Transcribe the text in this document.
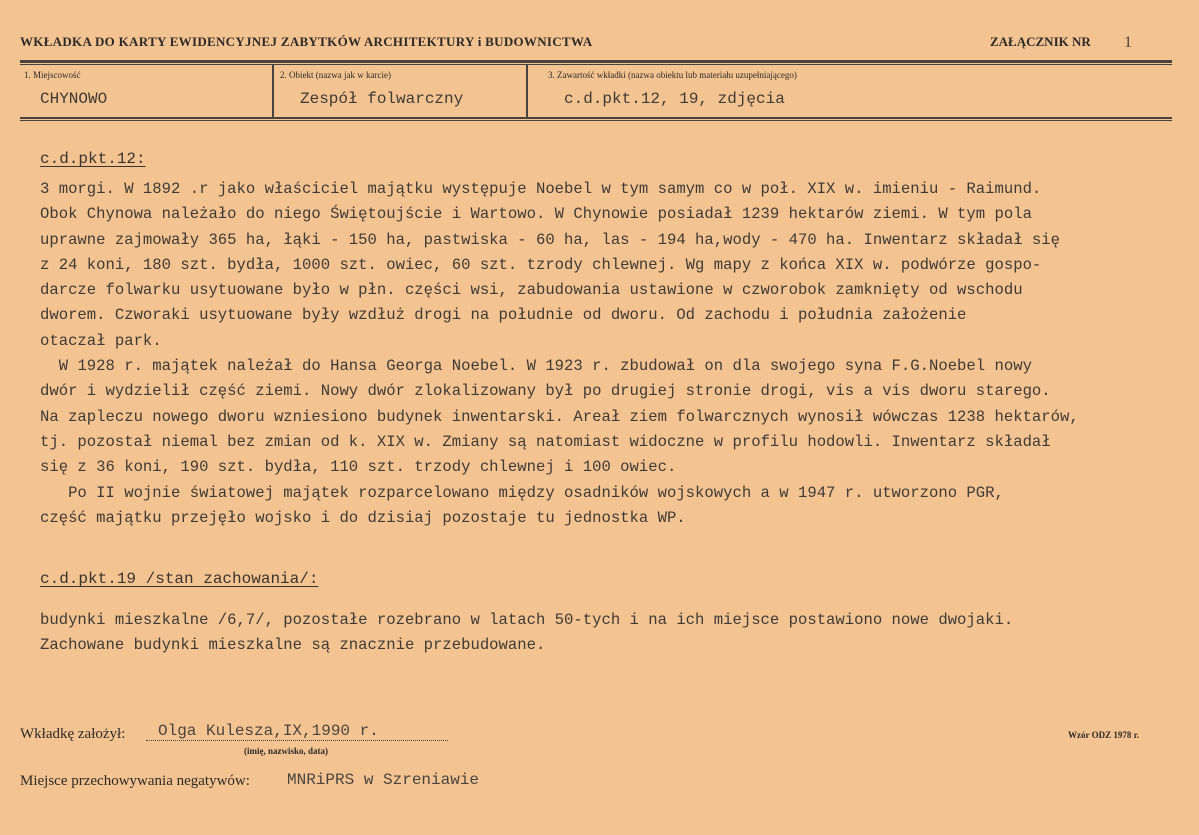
WKŁADKA DO KARTY EWIDENCYJNEJ ZABYTKÓW ARCHITEKTURY i BUDOWNICTWA	ZAŁĄCZNIK NR 1
1. Miejscowość
CHYNOWO
2. Obiekt (nazwa jak w karcie)
Zespół folwarczny
3. Zawartość wkładki (nazwa obiektu lub materiału uzupełniającego)
c.d.pkt.12, 19, zdjęcia
c.d.pkt.12:

3 morgi. W 1892 .r jako właściciel majątku występuje Noebel w tym samym co w poł. XIX w. imieniu - Raimund.

Obok Chynowa należało do niego Świętoujście i Wartowo. W Chynowie posiadał 1239 hektarów ziemi. W tym pola

uprawne zajmowały 365 ha, łąki - 150 ha, pastwiska - 60 ha, las - 194 ha,wody - 470 ha. Inwentarz składał się

z 24 koni, 180 szt. bydła, 1000 szt. owiec, 60 szt. tzrody chlewnej. Wg mapy z końca XIX w. podwórze gospo-

darcze folwarku usytuowane było w płn. części wsi, zabudowania ustawione w czworobok zamknięty od wschodu

dworem. Czworaki usytuowane były wzdłuż drogi na południe od dworu. Od zachodu i południa założenie

otaczał park.

W 1928 r. majątek należał do Hansa Georga Noebel. W 1923 r. zbudował on dla swojego syna F.G.Noebel nowy

dwór i wydzielił część ziemi. Nowy dwór zlokalizowany był po drugiej stronie drogi, vis a vis dworu starego.

Na zapleczu nowego dworu wzniesiono budynek inwentarski. Areał ziem folwarcznych wynosił wówczas 1238 hektarów,

tj. pozostał niemal bez zmian od k. XIX w. Zmiany są natomiast widoczne w profilu hodowli. Inwentarz składał

się z 36 koni, 190 szt. bydła, 110 szt. trzody chlewnej i 100 owiec.

Po II wojnie światowej majątek rozparcelowano między osadników wojskowych a w 1947 r. utworzono PGR,

część majątku przejęło wojsko i do dzisiaj pozostaje tu jednostka WP.

c.d.pkt.19 /stan zachowania/:

budynki mieszkalne /6,7/, pozostałe rozebrano w latach 50-tych i na ich miejsce postawiono nowe dwojaki.

Zachowane budynki mieszkalne są znacznie przebudowane.

Wkładkę założył:	Olga Kulesza,IX,1990 r.
(imię, nazwisko, data)
Wzór ODZ 1978 r.
Miejsce przechowywania negatywów: MNRiPRS w Szreniawie
